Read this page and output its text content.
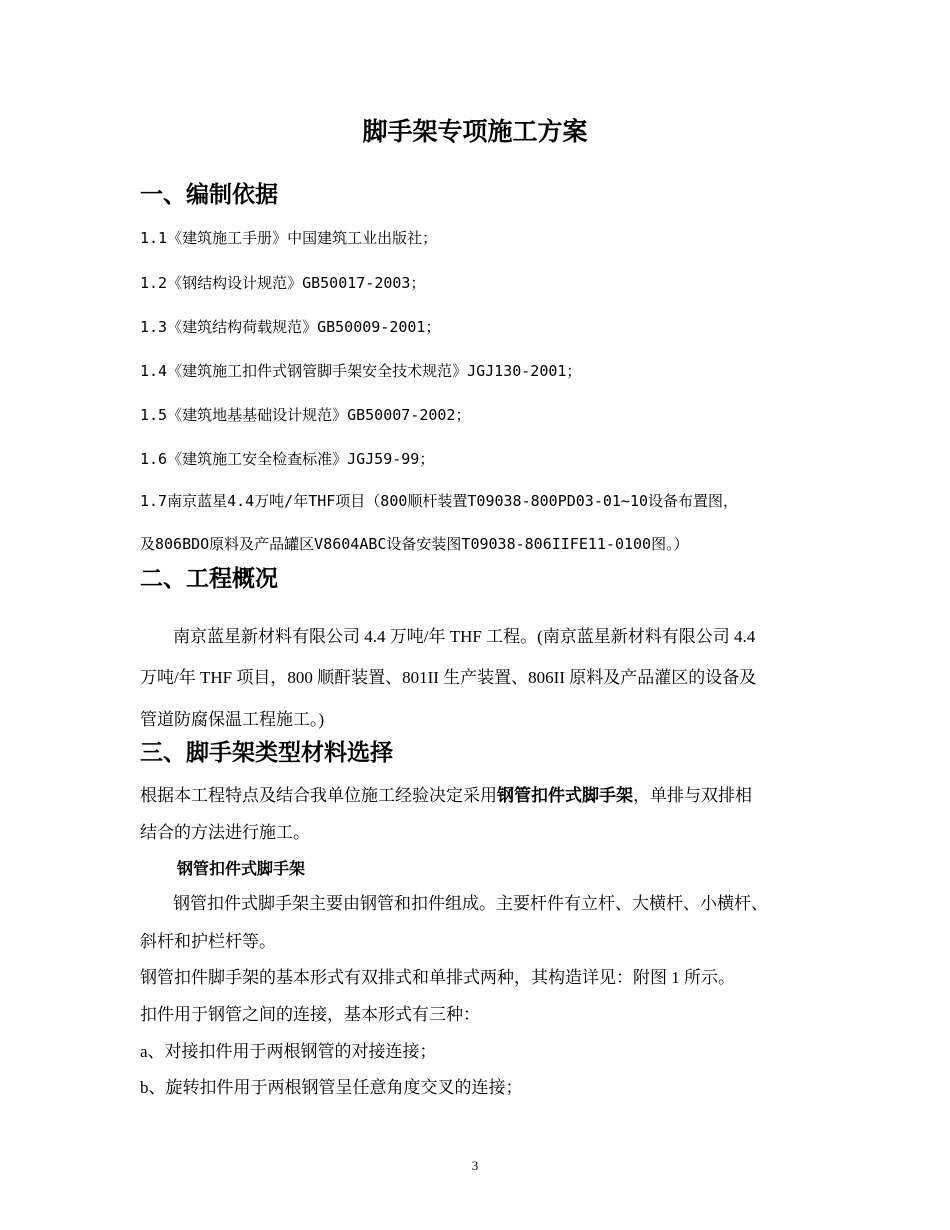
脚手架专项施工方案
一、编制依据
1.1《建筑施工手册》中国建筑工业出版社；
1.2《钢结构设计规范》GB50017-2003；
1.3《建筑结构荷载规范》GB50009-2001；
1.4《建筑施工扣件式钢管脚手架安全技术规范》JGJ130-2001；
1.5《建筑地基基础设计规范》GB50007-2002；
1.6《建筑施工安全检查标准》JGJ59-99；
1.7南京蓝星4.4万吨/年THF项目（800顺杆装置T09038-800PD03-01~10设备布置图，
及806BDO原料及产品罐区V8604ABC设备安装图T09038-806IIFE11-0100图。）
二、工程概况
南京蓝星新材料有限公司 4.4 万吨/年 THF 工程。(南京蓝星新材料有限公司 4.4
万吨/年 THF 项目，800 顺酐装置、801II 生产装置、806II 原料及产品灌区的设备及
管道防腐保温工程施工。)
三、脚手架类型材料选择
根据本工程特点及结合我单位施工经验决定采用钢管扣件式脚手架，单排与双排相
结合的方法进行施工。
钢管扣件式脚手架
钢管扣件式脚手架主要由钢管和扣件组成。主要杆件有立杆、大横杆、小横杆、
斜杆和护栏杆等。
钢管扣件脚手架的基本形式有双排式和单排式两种，其构造详见：附图 1 所示。
扣件用于钢管之间的连接，基本形式有三种：
a、对接扣件用于两根钢管的对接连接；
b、旋转扣件用于两根钢管呈任意角度交叉的连接；
3
